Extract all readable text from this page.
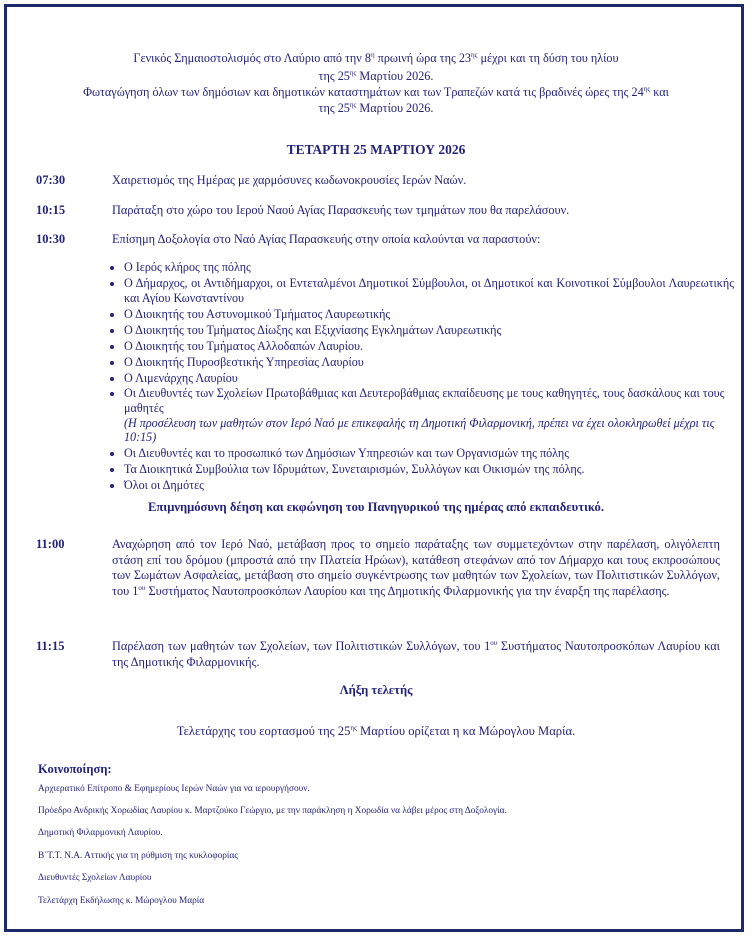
Γενικός Σημαιοστολισμός στο Λαύριο από την $8^\eta$ πρωινή ώρα της $23^{\eta\varsigma}$ μέχρι και τη δύση του ηλίου
της $25^{\eta\varsigma}$ Μαρτίου 2026.
Φωταγώγηση όλων των δημόσιων και δημοτικών καταστημάτων και των Τραπεζών κατά τις βραδινές ώρες της $24^{\eta\varsigma}$ και
της $25^{\eta\varsigma}$ Μαρτίου 2026.
ΤΕΤΑΡΤΗ 25 ΜΑΡΤΙΟΥ 2026
07:30	Χαιρετισμός της Ημέρας με χαρμόσυνες κωδωνοκρουσίες Ιερών Ναών.
10:15	Παράταξη στο χώρο του Ιερού Ναού Αγίας Παρασκευής των τμημάτων που θα παρελάσουν.
10:30	Επίσημη Δοξολογία στο Ναό Αγίας Παρασκευής στην οποία καλούνται να παραστούν:
• Ο Ιερός κλήρος της πόλης
• Ο Δήμαρχος, οι Αντιδήμαρχοι, οι Εντεταλμένοι Δημοτικοί Σύμβουλοι, οι Δημοτικοί και Κοινοτικοί Σύμβουλοι Λαυρεωτικής και Αγίου Κωνσταντίνου
• Ο Διοικητής του Αστυνομικού Τμήματος Λαυρεωτικής
• Ο Διοικητής του Τμήματος Δίωξης και Εξιχνίασης Εγκλημάτων Λαυρεωτικής
• Ο Διοικητής του Τμήματος Αλλοδαπών Λαυρίου.
• Ο Διοικητής Πυροσβεστικής Υπηρεσίας Λαυρίου
• Ο Λιμενάρχης Λαυρίου
• Οι Διευθυντές των Σχολείων Πρωτοβάθμιας και Δευτεροβάθμιας εκπαίδευσης με τους καθηγητές, τους δασκάλους και τους μαθητές
(Η προσέλευση των μαθητών στον Ιερό Ναό με επικεφαλής τη Δημοτική Φιλαρμονική, πρέπει να έχει ολοκληρωθεί μέχρι τις 10:15)
• Οι Διευθυντές και το προσωπικό των Δημόσιων Υπηρεσιών και των Οργανισμών της πόλης
• Τα Διοικητικά Συμβούλια των Ιδρυμάτων, Συνεταιρισμών, Συλλόγων και Οικισμών της πόλης.
• Όλοι οι Δημότες
Επιμνημόσυνη δέηση και εκφώνηση του Πανηγυρικού της ημέρας από εκπαιδευτικό.
11:00	Αναχώρηση από τον Ιερό Ναό, μετάβαση προς το σημείο παράταξης των συμμετεχόντων στην παρέλαση, ολιγόλεπτη στάση επί του δρόμου (μπροστά από την Πλατεία Ηρώων), κατάθεση στεφάνων από τον Δήμαρχο και τους εκπροσώπους των Σωμάτων Ασφαλείας, μετάβαση στο σημείο συγκέντρωσης των μαθητών των Σχολείων, των Πολιτιστικών Συλλόγων, του $1^{o\upsilon}$ Συστήματος Ναυτοπροσκόπων Λαυρίου και της Δημοτικής Φιλαρμονικής για την έναρξη της παρέλασης.
11:15	Παρέλαση των μαθητών των Σχολείων, των Πολιτιστικών Συλλόγων, του $1^{o\upsilon}$ Συστήματος Ναυτοπροσκόπων Λαυρίου και της Δημοτικής Φιλαρμονικής.
Λήξη τελετής
Τελετάρχης του εορτασμού της $25^{\eta\varsigma}$ Μαρτίου ορίζεται η κα Μώρογλου Μαρία.
Κοινοποίηση:
Αρχιερατικό Επίτροπο & Εφημερίους Ιερών Ναών για να ιερουργήσουν.
Πρόεδρο Ανδρικής Χορωδίας Λαυρίου κ. Μαρτζούκο Γεώργιο, με την παράκληση η Χορωδία να λάβει μέρος στη Δοξολογία.
Δημοτική Φιλαρμονική Λαυρίου.
Β΄Τ.Τ. Ν.Α. Αττικής για τη ρύθμιση της κυκλοφορίας
Διευθυντές Σχολείων Λαυρίου
Τελετάρχη Εκδήλωσης κ. Μώρογλου Μαρία
